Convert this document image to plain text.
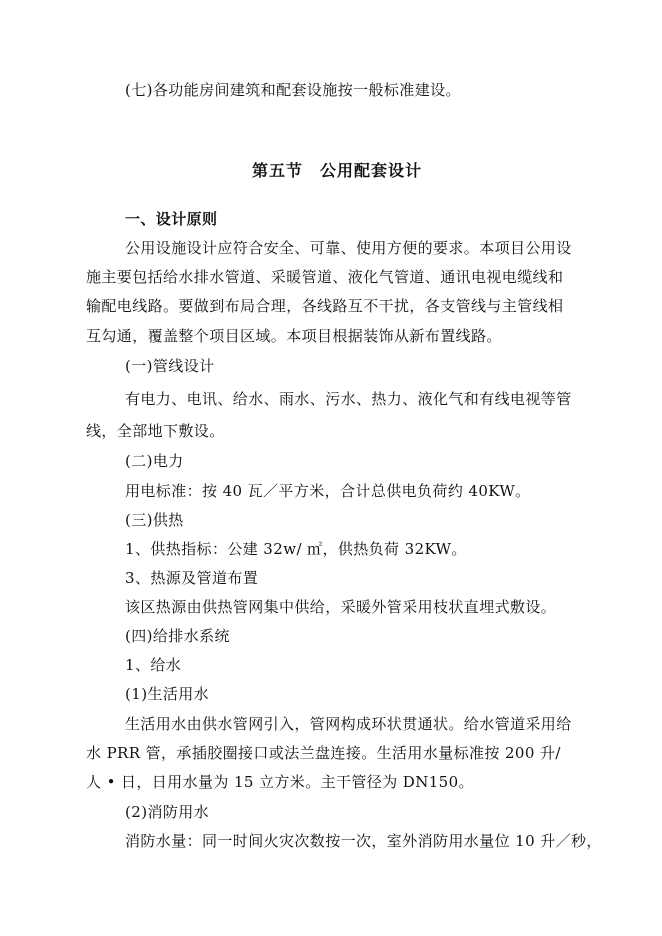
(七)各功能房间建筑和配套设施按一般标准建设。
第五节　公用配套设计
一、设计原则
公用设施设计应符合安全、可靠、使用方便的要求。本项目公用设
施主要包括给水排水管道、采暖管道、液化气管道、通讯电视电缆线和
输配电线路。要做到布局合理，各线路互不干扰，各支管线与主管线相
互勾通，覆盖整个项目区域。本项目根据装饰从新布置线路。
(一)管线设计
有电力、电讯、给水、雨水、污水、热力、液化气和有线电视等管
线，全部地下敷设。
(二)电力
用电标准：按 40 瓦／平方米，合计总供电负荷约 40KW。
(三)供热
1、供热指标：公建 32w/ ㎡，供热负荷 32KW。
3、热源及管道布置
该区热源由供热管网集中供给，采暖外管采用枝状直埋式敷设。
(四)给排水系统
1、给水
(1)生活用水
生活用水由供水管网引入，管网构成环状贯通状。给水管道采用给
水 PRR 管，承插胶圈接口或法兰盘连接。生活用水量标准按 200 升/
人 • 日，日用水量为 15 立方米。主干管径为 DN150。
(2)消防用水
消防水量：同一时间火灾次数按一次，室外消防用水量位 10 升／秒，
